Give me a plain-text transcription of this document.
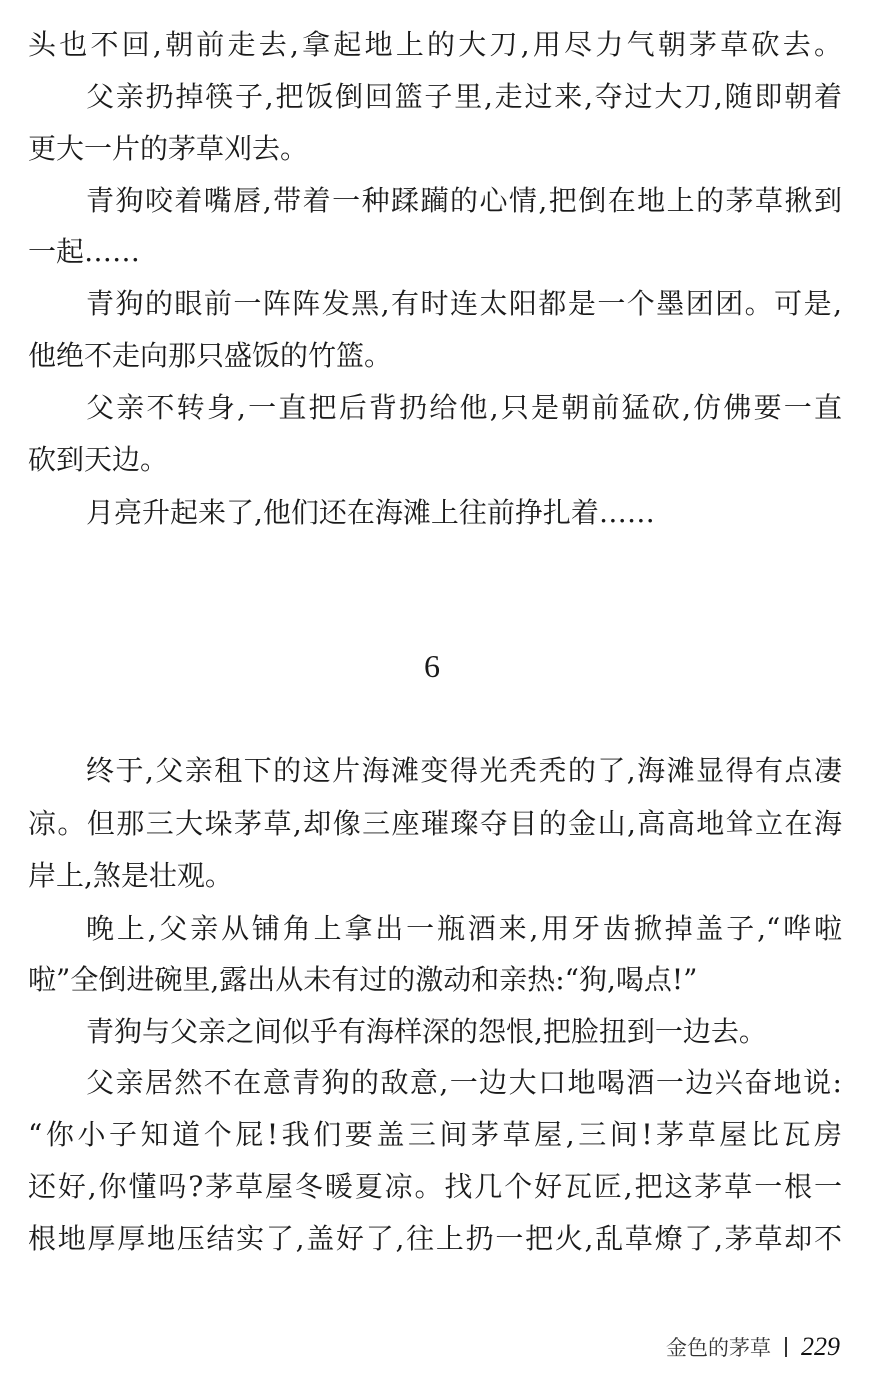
头也不回,朝前走去,拿起地上的大刀,用尽力气朝茅草砍去。
父亲扔掉筷子,把饭倒回篮子里,走过来,夺过大刀,随即朝着
更大一片的茅草刈去。
青狗咬着嘴唇,带着一种蹂躏的心情,把倒在地上的茅草揪到
一起……
青狗的眼前一阵阵发黑,有时连太阳都是一个墨团团。可是,
他绝不走向那只盛饭的竹篮。
父亲不转身,一直把后背扔给他,只是朝前猛砍,仿佛要一直
砍到天边。
月亮升起来了,他们还在海滩上往前挣扎着……
6
终于,父亲租下的这片海滩变得光秃秃的了,海滩显得有点凄
凉。但那三大垛茅草,却像三座璀璨夺目的金山,高高地耸立在海
岸上,煞是壮观。
晚上,父亲从铺角上拿出一瓶酒来,用牙齿掀掉盖子,“哗啦
啦”全倒进碗里,露出从未有过的激动和亲热:“狗,喝点!”
青狗与父亲之间似乎有海样深的怨恨,把脸扭到一边去。
父亲居然不在意青狗的敌意,一边大口地喝酒一边兴奋地说:
“你小子知道个屁!我们要盖三间茅草屋,三间!茅草屋比瓦房
还好,你懂吗?茅草屋冬暖夏凉。找几个好瓦匠,把这茅草一根一
根地厚厚地压结实了,盖好了,往上扔一把火,乱草燎了,茅草却不
金色的茅草 229
